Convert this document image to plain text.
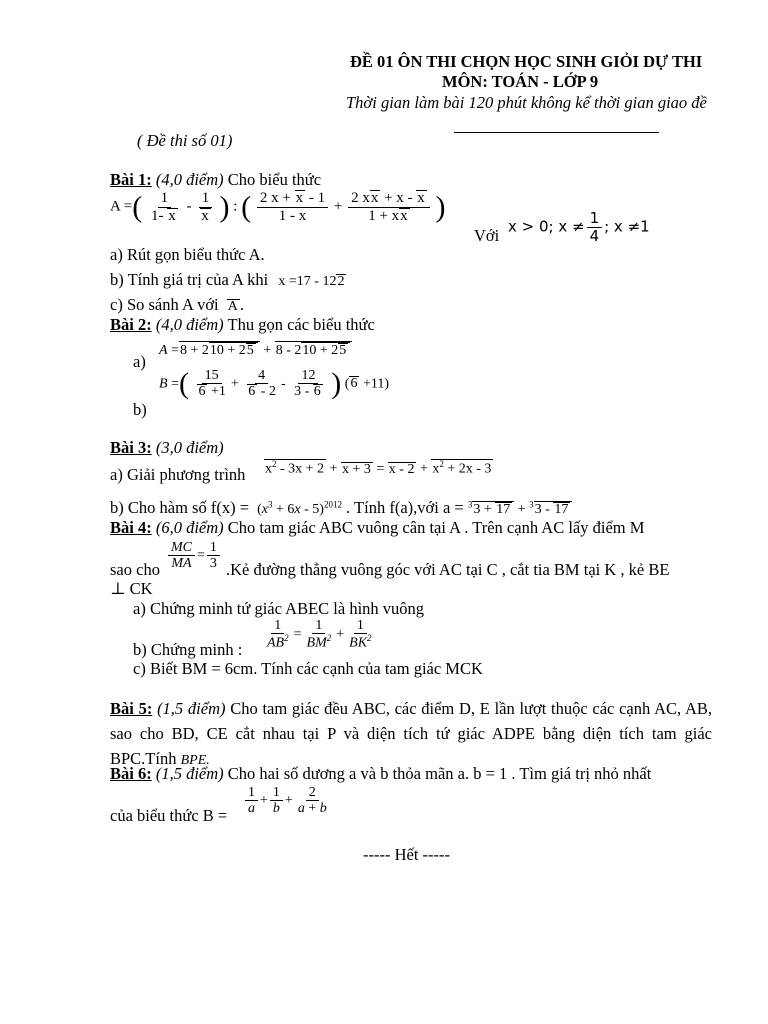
ĐỀ 01 ÔN THI CHỌN HỌC SINH GIỎI DỰ THI
MÔN: TOÁN - LỚP 9
Thời gian làm bài 120 phút không kể thời gian giao đề
( Đề thi số 01)
Bài 1: (4,0 điểm) Cho biểu thức
A =( $\frac{1}{1- x} - \frac{1}{x}$ ) : ( $\frac{2 x + x - 1}{1 - x} + \frac{2 xx + x - x}{1 + xx}$ )
Với x > 0; $x \ne \frac{1}{4}$ ; x ≠1
a) Rút gọn biểu thức A.
b) Tính giá trị của A khi x =17 - 122
c) So sánh A với A .
Bài 2: (4,0 điểm) Thu gọn các biểu thức
a)
A =8 + 210 + 25 + 8 - 210 + 25
b)
B =( $\frac{15}{6 +1} + \frac{4}{6 - 2} - \frac{12}{3 - 6}$ ) (6 +11)
Bài 3: (3,0 điểm)
a) Giải phương trình $x^2 - 3x + 2 + x + 3 = x - 2 + x^2 + 2x - 3$
b) Cho hàm số $f(x) = (x^3 + 6x - 5)^{2012}$ . Tính f(a),với a = $^3$3 + 17 + $^3$3 - 17
Bài 4: (6,0 điểm) Cho tam giác ABC vuông cân tại A . Trên cạnh AC lấy điểm M
sao cho $\frac{MC}{MA} = \frac{1}{3}$ .Kẻ đường thẳng vuông góc với AC tại C , cắt tia BM tại K , kẻ BE
⊥ CK
a) Chứng minh tứ giác ABEC là hình vuông
b) Chứng minh : $\frac{1}{AB^2} = \frac{1}{BM^2} + \frac{1}{BK^2}$
c) Biết BM = 6cm. Tính các cạnh của tam giác MCK
Bài 5: (1,5 điểm) Cho tam giác đều ABC, các điểm D, E lần lượt thuộc các cạnh AC, AB, sao cho BD, CE cắt nhau tại P và diện tích tứ giác ADPE bằng diện tích tam giác BPC.Tính BPE.
Bài 6: (1,5 điểm) Cho hai số dương a và b thỏa mãn a. b = 1 . Tìm giá trị nhỏ nhất
của biểu thức $B = \frac{1}{a} + \frac{1}{b} + \frac{2}{a + b}$
----- Hết -----
